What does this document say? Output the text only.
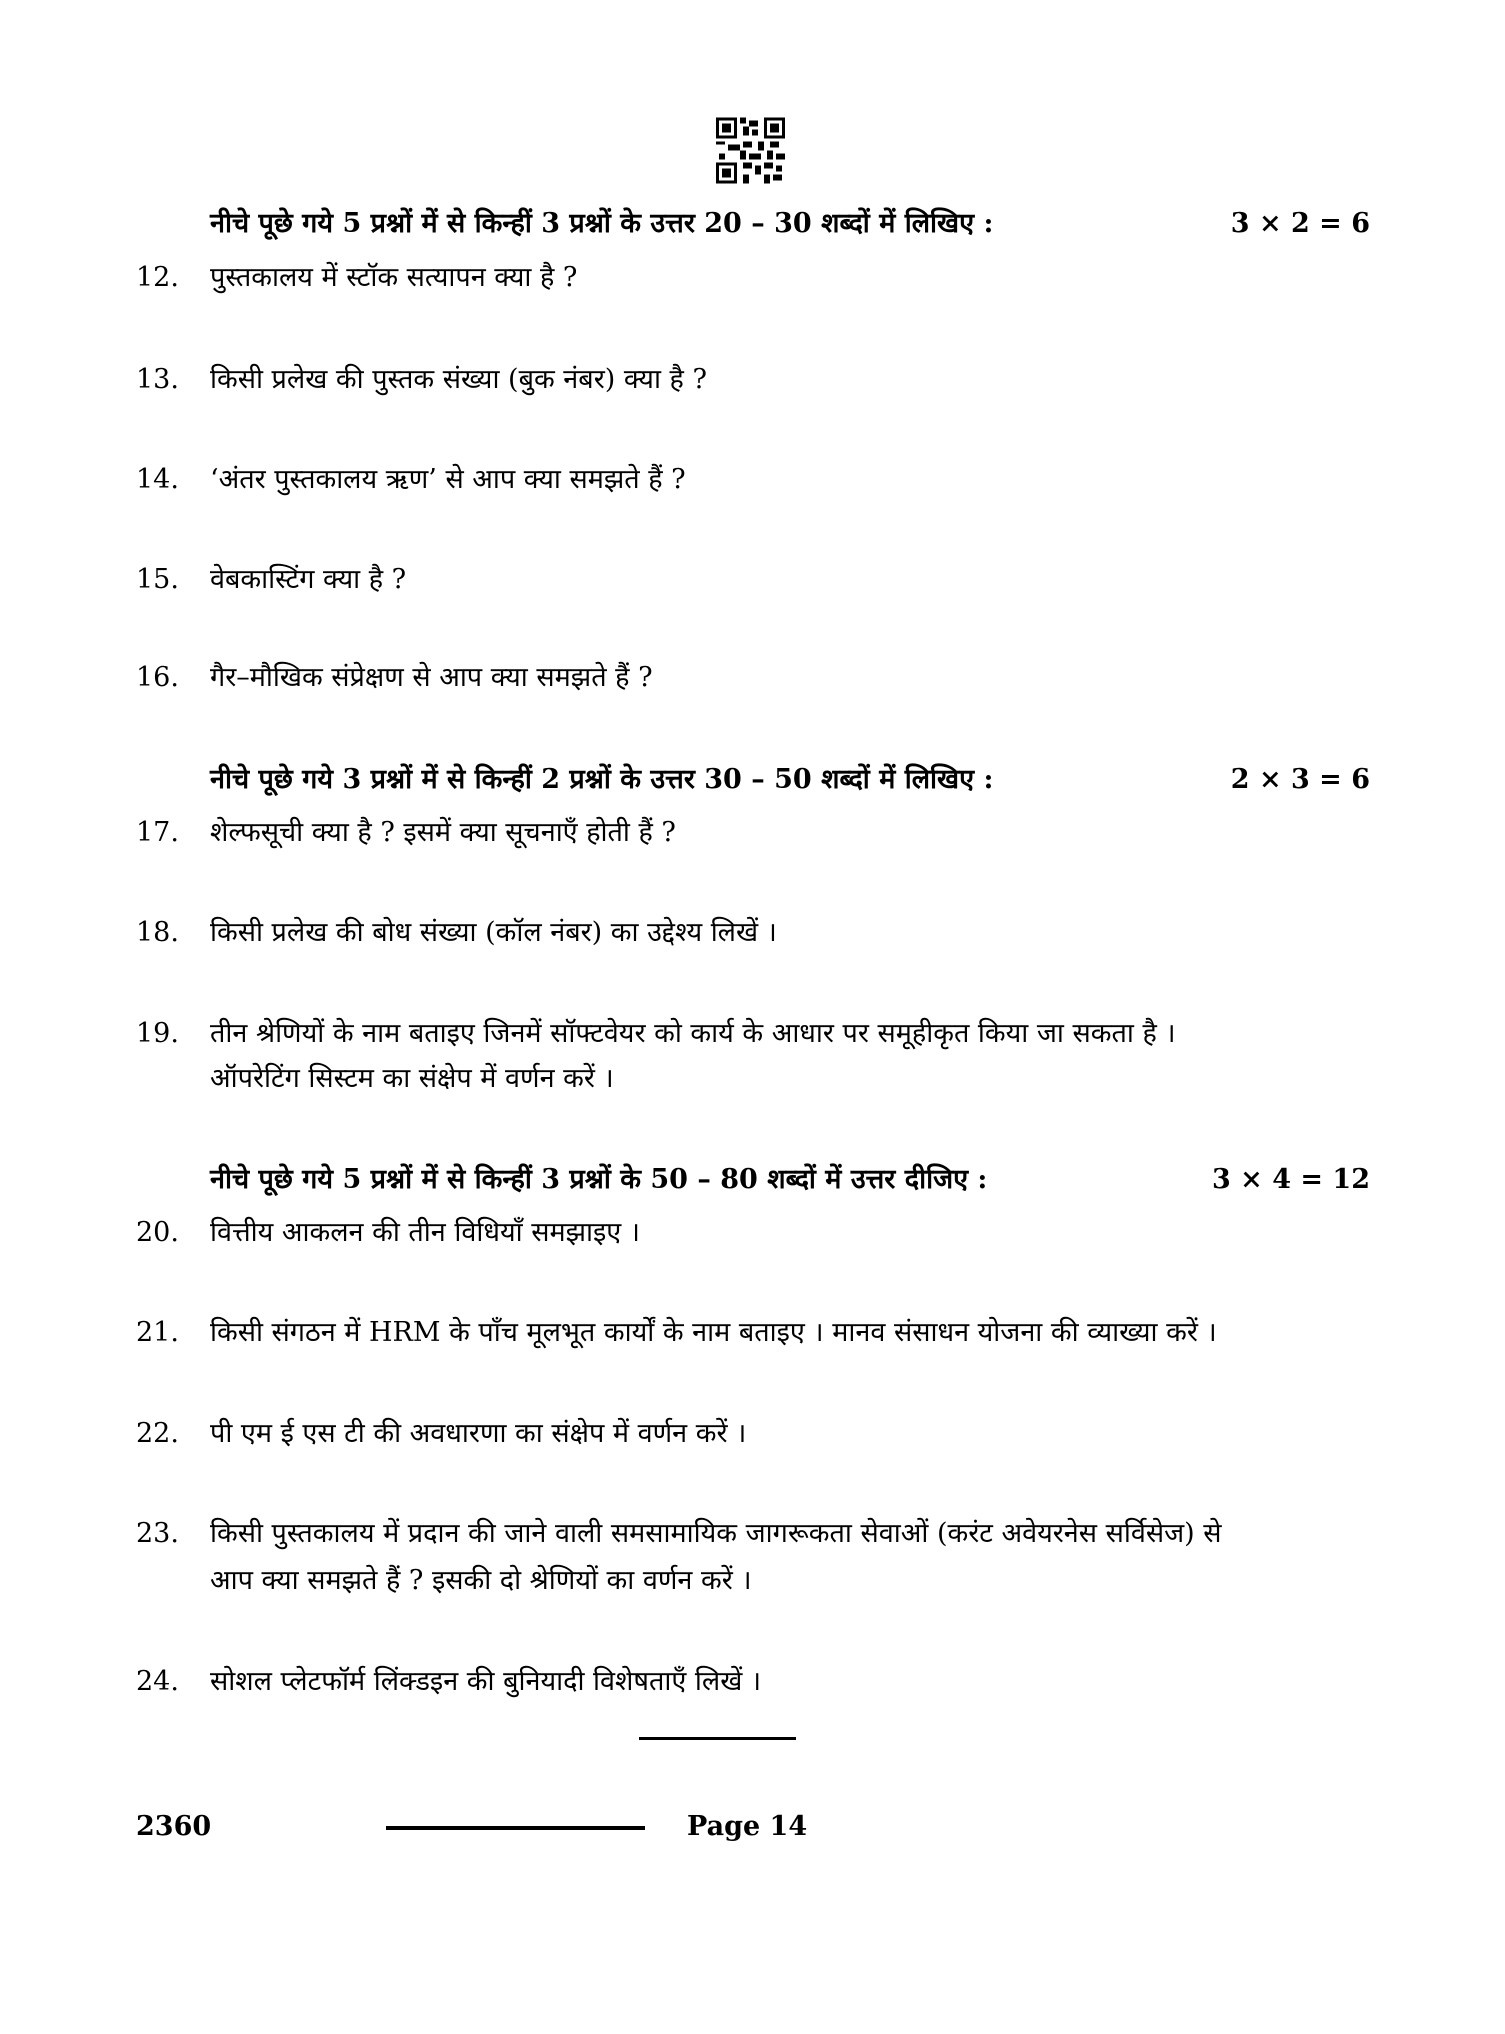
नीचे पूछे गये 5 प्रश्नों में से किन्हीं 3 प्रश्नों के उत्तर 20 – 30 शब्दों में लिखिए :	3 × 2 = 6
12. पुस्तकालय में स्टॉक सत्यापन क्या है ?
13. किसी प्रलेख की पुस्तक संख्या (बुक नंबर) क्या है ?
14. ‘अंतर पुस्तकालय ऋण’ से आप क्या समझते हैं ?
15. वेबकास्टिंग क्या है ?
16. गैर–मौखिक संप्रेक्षण से आप क्या समझते हैं ?
नीचे पूछे गये 3 प्रश्नों में से किन्हीं 2 प्रश्नों के उत्तर 30 – 50 शब्दों में लिखिए :	2 × 3 = 6
17. शेल्फसूची क्या है ? इसमें क्या सूचनाएँ होती हैं ?
18. किसी प्रलेख की बोध संख्या (कॉल नंबर) का उद्देश्य लिखें ।
19. तीन श्रेणियों के नाम बताइए जिनमें सॉफ्टवेयर को कार्य के आधार पर समूहीकृत किया जा सकता है ।
ऑपरेटिंग सिस्टम का संक्षेप में वर्णन करें ।
नीचे पूछे गये 5 प्रश्नों में से किन्हीं 3 प्रश्नों के 50 – 80 शब्दों में उत्तर दीजिए :	3 × 4 = 12
20. वित्तीय आकलन की तीन विधियाँ समझाइए ।
21. किसी संगठन में HRM के पाँच मूलभूत कार्यों के नाम बताइए । मानव संसाधन योजना की व्याख्या करें ।
22. पी एम ई एस टी की अवधारणा का संक्षेप में वर्णन करें ।
23. किसी पुस्तकालय में प्रदान की जाने वाली समसामायिक जागरूकता सेवाओं (करंट अवेयरनेस सर्विसेज) से
आप क्या समझते हैं ? इसकी दो श्रेणियों का वर्णन करें ।
24. सोशल प्लेटफॉर्म लिंक्डइन की बुनियादी विशेषताएँ लिखें ।
2360	Page 14
